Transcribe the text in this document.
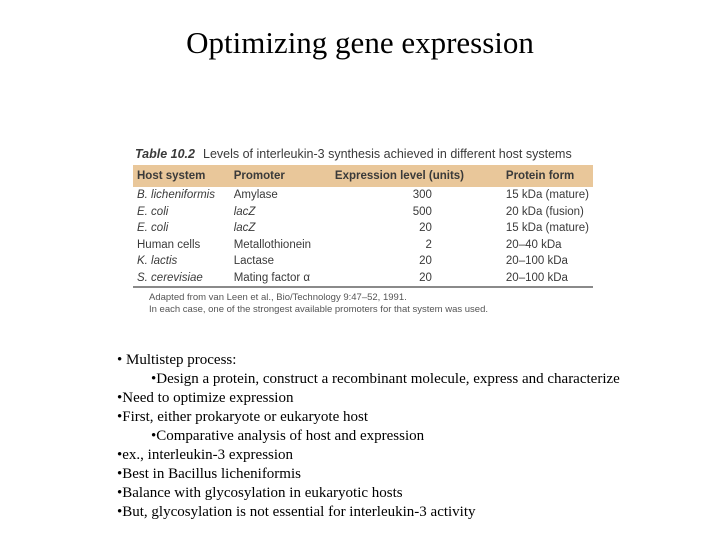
Optimizing gene expression
Table 10.2 Levels of interleukin-3 synthesis achieved in different host systems
Host system	Promoter	Expression level (units)	Protein form
B. licheniformis	Amylase	300	15 kDa (mature)
E. coli	lacZ	500	20 kDa (fusion)
E. coli	lacZ	20	15 kDa (mature)
Human cells	Metallothionein	2	20–40 kDa
K. lactis	Lactase	20	20–100 kDa
S. cerevisiae	Mating factor α	20	20–100 kDa
Adapted from van Leen et al., Bio/Technology 9:47–52, 1991.
In each case, one of the strongest available promoters for that system was used.
• Multistep process:
•Design a protein, construct a recombinant molecule, express and characterize
•Need to optimize expression
•First, either prokaryote or eukaryote host
•Comparative analysis of host and expression
•ex., interleukin-3 expression
•Best in Bacillus licheniformis
•Balance with glycosylation in eukaryotic hosts
•But, glycosylation is not essential for interleukin-3 activity
